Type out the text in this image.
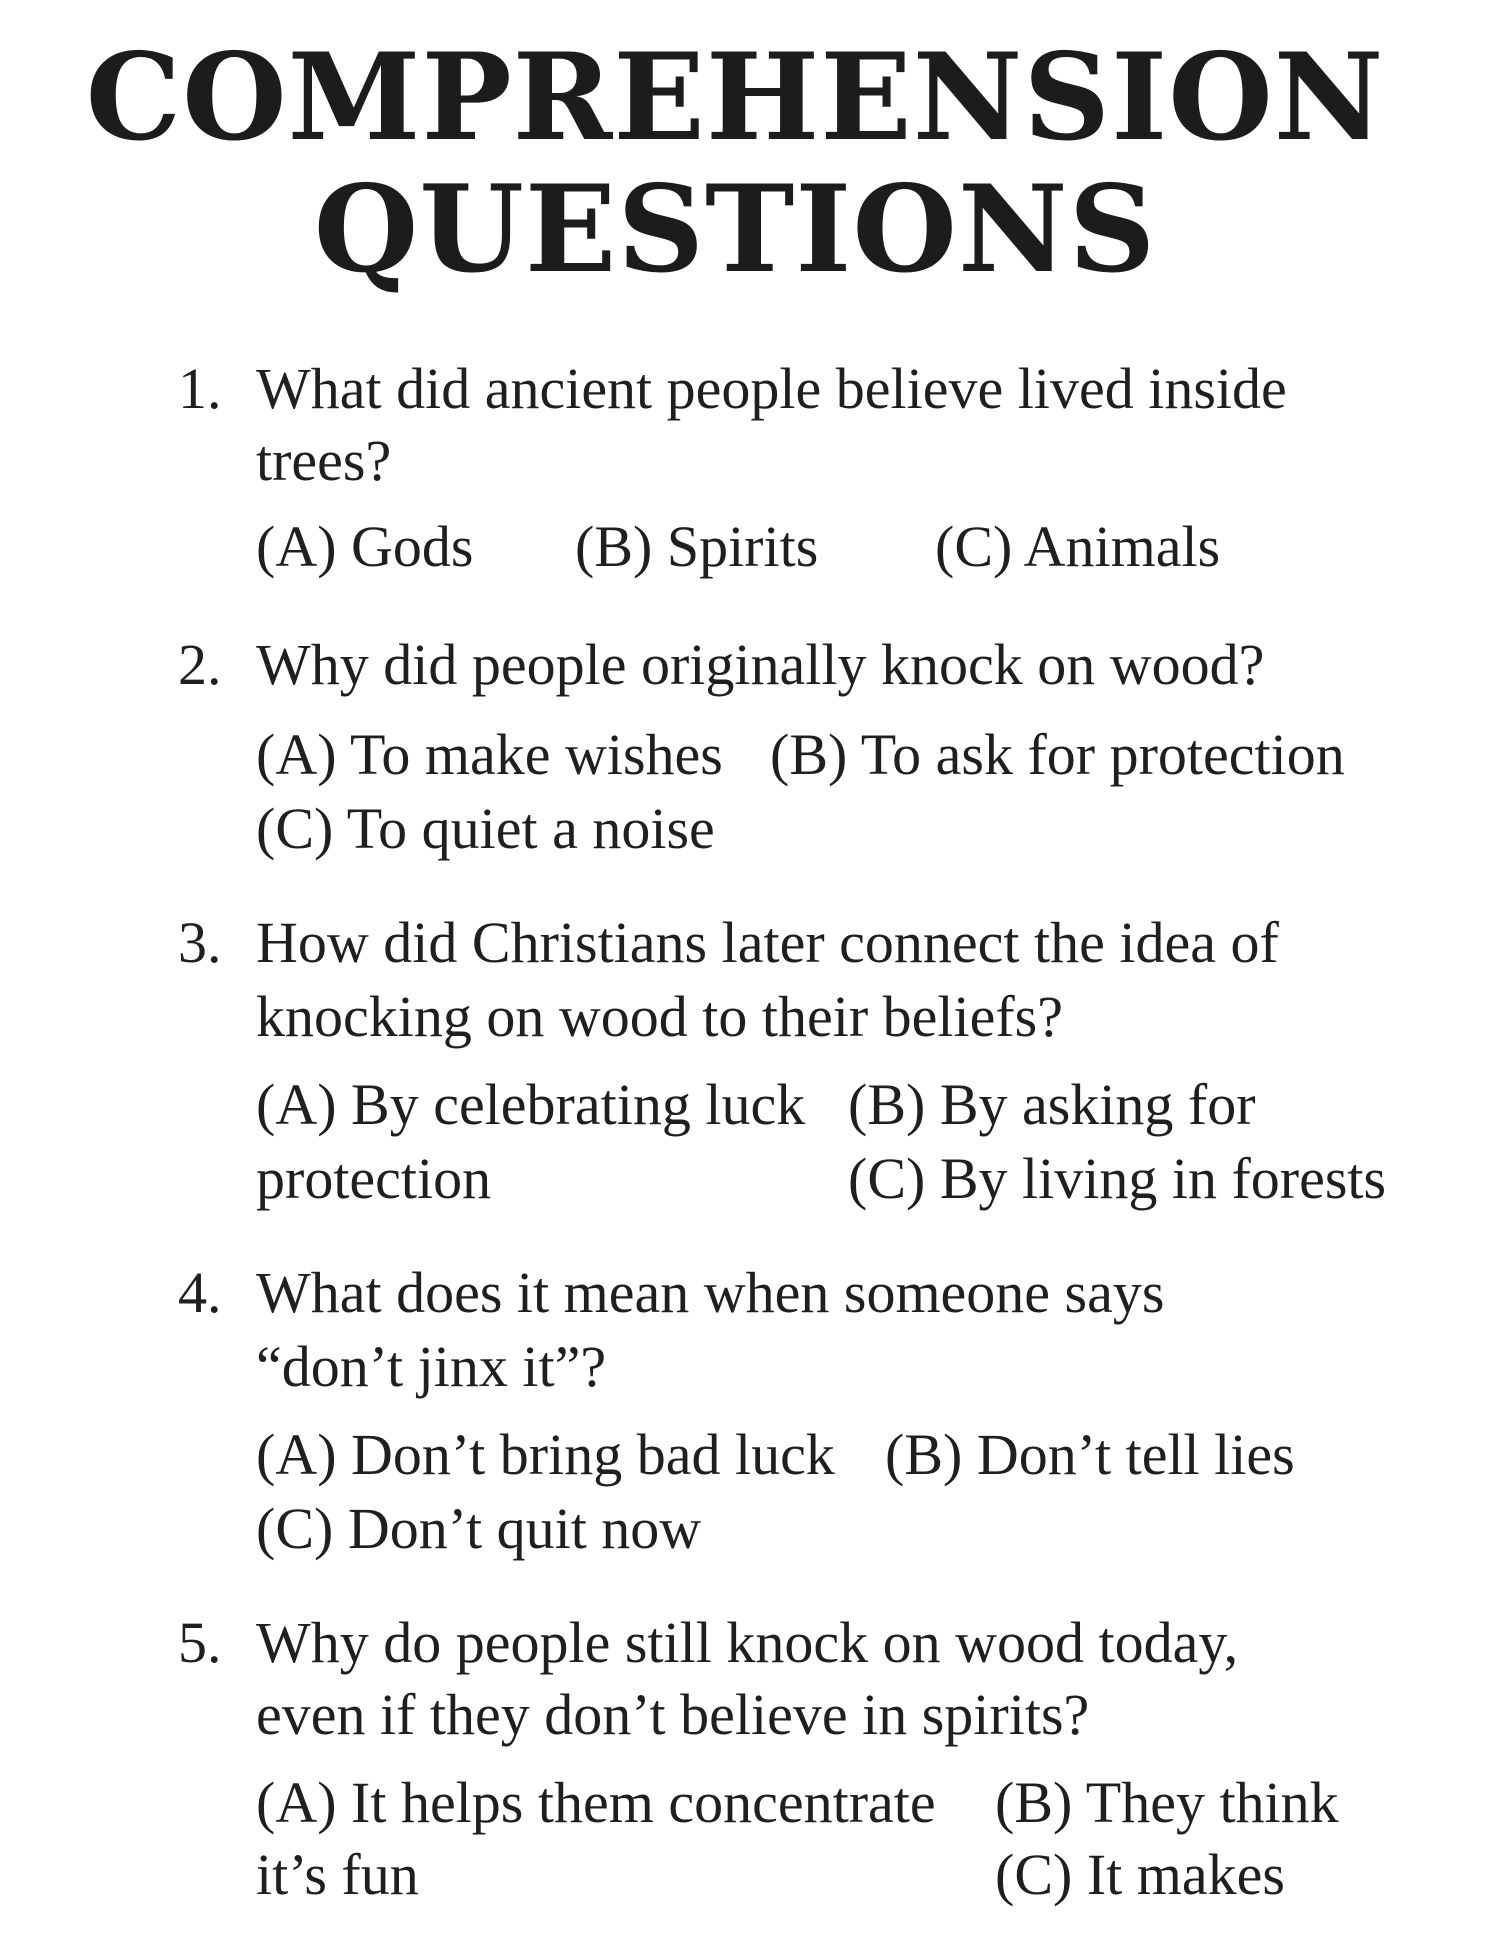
COMPREHENSION
QUESTIONS
1. What did ancient people believe lived inside
trees?
(A) Gods (B) Spirits (C) Animals
2. Why did people originally knock on wood?
(A) To make wishes (B) To ask for protection
(C) To quiet a noise
3. How did Christians later connect the idea of
knocking on wood to their beliefs?
(A) By celebrating luck (B) By asking for
protection	(C) By living in forests
4. What does it mean when someone says
“don’t jinx it”?
(A) Don’t bring bad luck (B) Don’t tell lies
(C) Don’t quit now
5. Why do people still knock on wood today,
even if they don’t believe in spirits?
(A) It helps them concentrate (B) They think
it’s fun	(C) It makes
